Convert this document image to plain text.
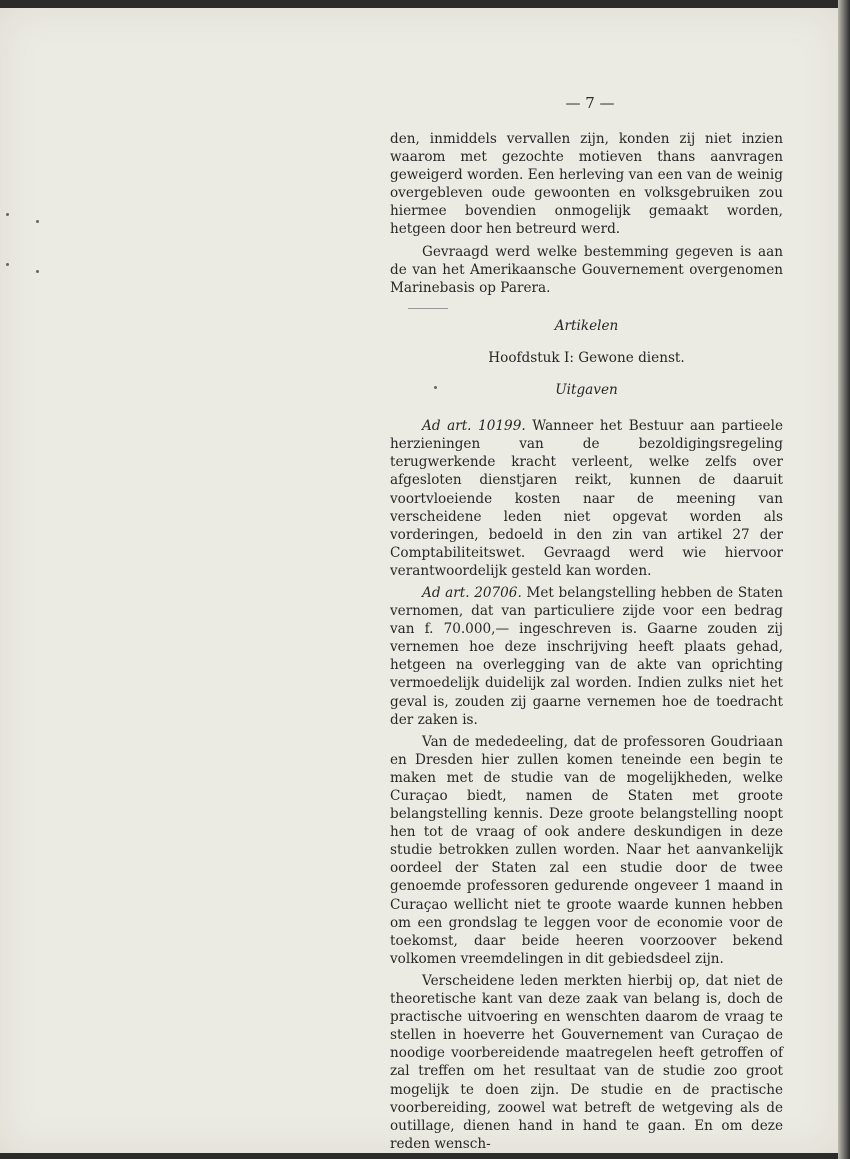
— 7 —

den, inmiddels vervallen zijn, konden zij niet inzien waarom met gezochte motieven thans aanvragen geweigerd worden. Een herleving van een van de weinig overgebleven oude gewoonten en volksgebruiken zou hiermee bovendien onmogelijk gemaakt worden, hetgeen door hen betreurd werd.

Gevraagd werd welke bestemming gegeven is aan de van het Amerikaansche Gouvernement overgenomen Marinebasis op Parera.

Artikelen

Hoofdstuk I: Gewone dienst.

Uitgaven

Ad art. 10199. Wanneer het Bestuur aan partieele herzieningen van de bezoldigingsregeling terugwerkende kracht verleent, welke zelfs over afgesloten dienstjaren reikt, kunnen de daaruit voortvloeiende kosten naar de meening van verscheidene leden niet opgevat worden als vorderingen, bedoeld in den zin van artikel 27 der Comptabiliteitswet. Gevraagd werd wie hiervoor verantwoordelijk gesteld kan worden.

Ad art. 20706. Met belangstelling hebben de Staten vernomen, dat van particuliere zijde voor een bedrag van f. 70.000,— ingeschreven is. Gaarne zouden zij vernemen hoe deze inschrijving heeft plaats gehad, hetgeen na overlegging van de akte van oprichting vermoedelijk duidelijk zal worden. Indien zulks niet het geval is, zouden zij gaarne vernemen hoe de toedracht der zaken is.

Van de mededeeling, dat de professoren Goudriaan en Dresden hier zullen komen teneinde een begin te maken met de studie van de mogelijkheden, welke Curaçao biedt, namen de Staten met groote belangstelling kennis. Deze groote belangstelling noopt hen tot de vraag of ook andere deskundigen in deze studie betrokken zullen worden. Naar het aanvankelijk oordeel der Staten zal een studie door de twee genoemde professoren gedurende ongeveer 1 maand in Curaçao wellicht niet te groote waarde kunnen hebben om een grondslag te leggen voor de economie voor de toekomst, daar beide heeren voorzoover bekend volkomen vreemdelingen in dit gebiedsdeel zijn.

Verscheidene leden merkten hierbij op, dat niet de theoretische kant van deze zaak van belang is, doch de practische uitvoering en wenschten daarom de vraag te stellen in hoeverre het Gouvernement van Curaçao de noodige voorbereidende maatregelen heeft getroffen of zal treffen om het resultaat van de studie zoo groot mogelijk te doen zijn. De studie en de practische voorbereiding, zoowel wat betreft de wetgeving als de outillage, dienen hand in hand te gaan. En om deze reden wensch-
